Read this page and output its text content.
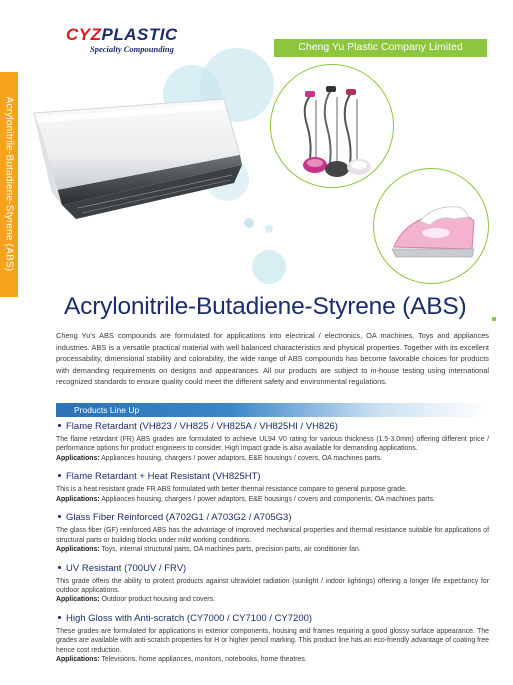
CYZPLASTIC
Specialty Compounding	Cheng Yu Plastic Company Limited
Acrylonitrile-Butadiene-Styrene (ABS)
Acrylonitrile-Butadiene-Styrene (ABS)
Cheng Yu's ABS compounds are formulated for applications into electrical / electronics, OA machines, Toys and appliances industries. ABS is a versatile practical material with well balanced characteristics and physical properties. Together with its excellent processability, dimensional stability and colorability, the wide range of ABS compounds has become favorable choices for products with demanding requirements on designs and appearances. All our products are subject to in-house testing using international recognized standards to ensure quality could meet the different safety and environmental regulations.
Products Line Up
Flame Retardant (VH823 / VH825 / VH825A / VH825HI / VH826)
The flame retardant (FR) ABS grades are formulated to achieve UL94 V0 rating for various thickness (1.5-3.0mm) offering different price / performance options for product engineers to consider. High impact grade is also available for demanding applications.
Applications: Appliances housing, chargers / power adaptors, E&E housings / covers, OA machines parts.
Flame Retardant + Heat Resistant (VH825HT)
This is a heat resistant grade FR ABS formulated with better thermal resistance compare to general purpose grade.
Applications: Appliances housing, chargers / power adaptors, E&E housings / covers and components, OA machines parts.
Glass Fiber Reinforced (A702G1 / A703G2 / A705G3)
The glass fiber (GF) reinforced ABS has the advantage of improved mechanical properties and thermal resistance suitable for applications of structural parts or building blocks under mild working conditions.
Applications: Toys, internal structural parts, OA machines parts, precision parts, air conditioner fan.
UV Resistant (700UV / FRV)
This grade offers the ability to protect products against ultraviolet radiation (sunlight / indoor lightings) offering a longer life expectancy for outdoor applications.
Applications: Outdoor product housing and covers.
High Gloss with Anti-scratch (CY7000 / CY7100 / CY7200)
These grades are formulated for applications in exterior components, housing and frames requiring a good glossy surface appearance. The grades are available with anti-scratch properties for H or higher pencil marking. This product line has an eco-friendly advantage of coating free hence cost reduction.
Applications: Televisions, home appliances, monitors, notebooks, home theatres.
